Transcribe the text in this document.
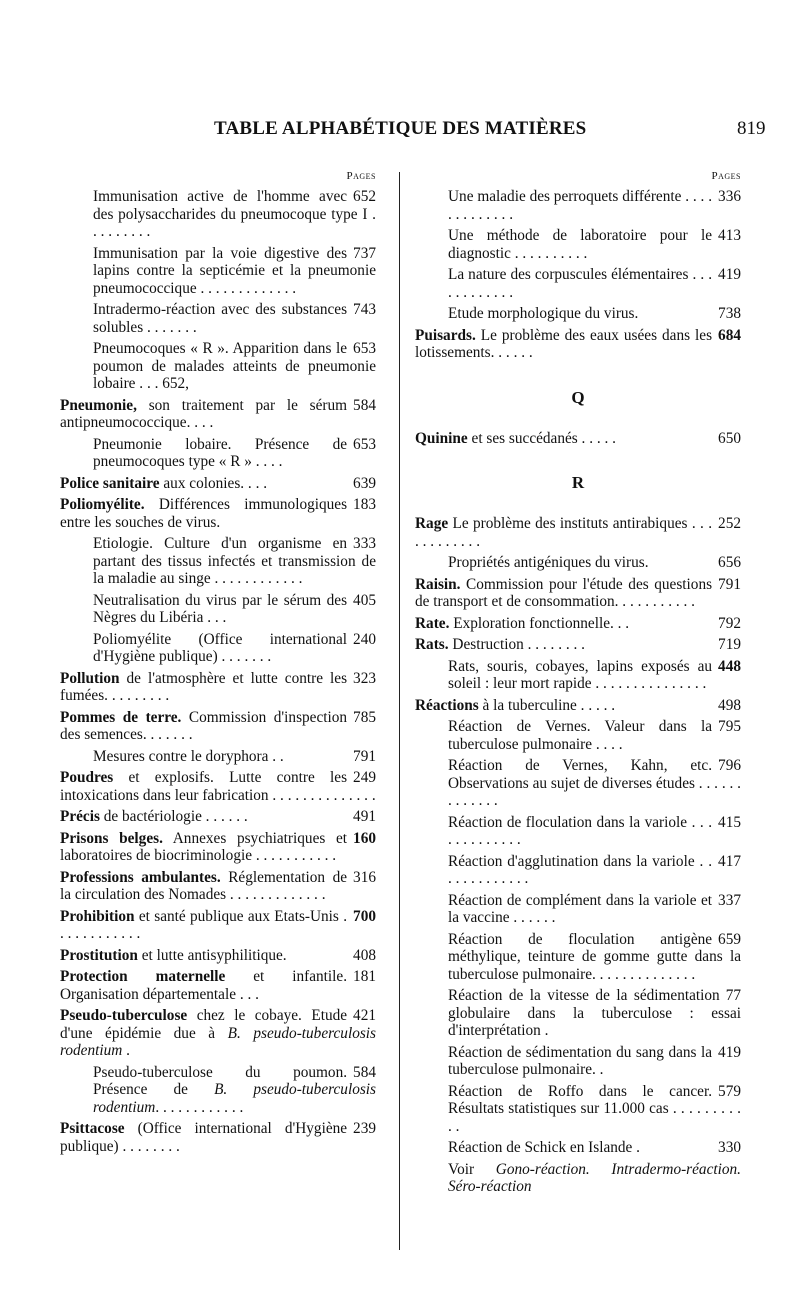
TABLE ALPHABÉTIQUE DES MATIÈRES	819
Pages
652
Immunisation active de l'homme avec des polysaccharides du pneumocoque type I . . . . . . . . .
737
Immunisation par la voie digestive des lapins contre la septicémie et la pneumonie pneumococcique . . . . . . . . . . . . .
743
Intradermo-réaction avec des substances solubles . . . . . . .
653
Pneumocoques « R ». Apparition dans le poumon de malades atteints de pneumonie lobaire . . . 652,
584
Pneumonie, son traitement par le sérum antipneumococcique. . . .
653
Pneumonie lobaire. Présence de pneumocoques type « R » . . . .
639
Police sanitaire aux colonies. . . .
183
Poliomyélite. Différences immunologiques entre les souches de virus.
333
Etiologie. Culture d'un organisme en partant des tissus infectés et transmission de la maladie au singe . . . . . . . . . . . .
405
Neutralisation du virus par le sérum des Nègres du Libéria . . .
240
Poliomyélite (Office international d'Hygiène publique) . . . . . . .
323
Pollution de l'atmosphère et lutte contre les fumées. . . . . . . . .
785
Pommes de terre. Commission d'inspection des semences. . . . . . .
791
Mesures contre le doryphora . .
249
Poudres et explosifs. Lutte contre les intoxications dans leur fabrication . . . . . . . . . . . . . .
491
Précis de bactériologie . . . . . .
160
Prisons belges. Annexes psychiatriques et laboratoires de biocriminologie . . . . . . . . . . .
316
Professions ambulantes. Réglementation de la circulation des Nomades . . . . . . . . . . . . .
700
Prohibition et santé publique aux Etats-Unis . . . . . . . . . . . .
408
Prostitution et lutte antisyphilitique.
181
Protection maternelle et infantile. Organisation départementale . . .
421
Pseudo-tuberculose chez le cobaye. Etude d'une épidémie due à B. pseudo-tuberculosis rodentium .
584
Pseudo-tuberculose du poumon. Présence de B. pseudo-tuberculosis rodentium. . . . . . . . . . . .
239
Psittacose (Office international d'Hygiène publique) . . . . . . . .
Pages
336
Une maladie des perroquets différente . . . . . . . . . . . . .
413
Une méthode de laboratoire pour le diagnostic . . . . . . . . . .
419
La nature des corpuscules élémentaires . . . . . . . . . . . .
738
Etude morphologique du virus.
684
Puisards. Le problème des eaux usées dans les lotissements. . . . . .
Q
650
Quinine et ses succédanés . . . . .
R
252
Rage Le problème des instituts antirabiques . . . . . . . . . . . .
656
Propriétés antigéniques du virus.
791
Raisin. Commission pour l'étude des questions de transport et de consommation. . . . . . . . . . .
792
Rate. Exploration fonctionnelle. . .
719
Rats. Destruction . . . . . . . .
448
Rats, souris, cobayes, lapins exposés au soleil : leur mort rapide . . . . . . . . . . . . . . .
498
Réactions à la tuberculine . . . . .
795
Réaction de Vernes. Valeur dans la tuberculose pulmonaire . . . .
796
Réaction de Vernes, Kahn, etc. Observations au sujet de diverses études . . . . . . . . . . . . .
415
Réaction de floculation dans la variole . . . . . . . . . . . . .
417
Réaction d'agglutination dans la variole . . . . . . . . . . . . .
337
Réaction de complément dans la variole et la vaccine . . . . . .
659
Réaction de floculation antigène méthylique, teinture de gomme gutte dans la tuberculose pulmonaire. . . . . . . . . . . . . .
77
Réaction de la vitesse de la sédimentation globulaire dans la tuberculose : essai d'interprétation .
419
Réaction de sédimentation du sang dans la tuberculose pulmonaire. .
579
Réaction de Roffo dans le cancer. Résultats statistiques sur 11.000 cas . . . . . . . . . . .
330
Réaction de Schick en Islande .
Voir Gono-réaction. Intradermo-réaction. Séro-réaction
